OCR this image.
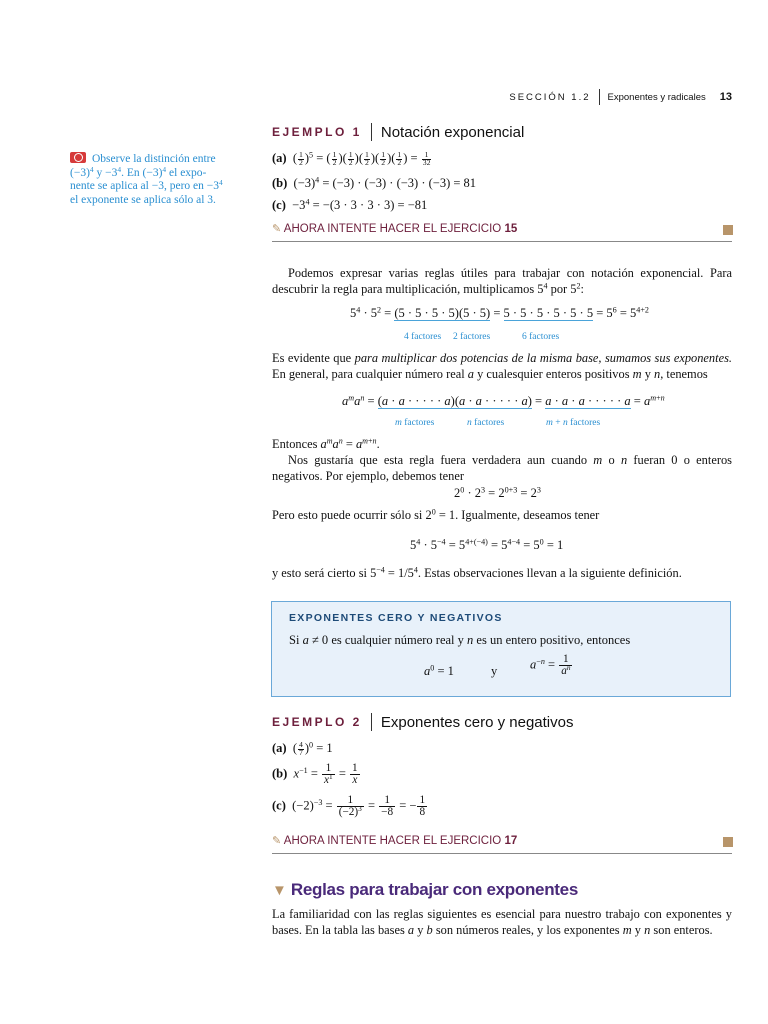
SECCIÓN 1.2 Exponentes y radicales 13
EJEMPLO 1 Notación exponencial
Observe la distinción entre
$(-3)^4$ $y -3^4$. En $(-3)^4$ el expo-
nente se aplica al −3, pero en $-3^4$
el exponente se aplica sólo al 3.
(a)  ( $\frac{1}{2} )^5$ = ( $\frac{1}{2}$ )( $\frac{1}{2}$ )( $\frac{1}{2}$ )( $\frac{1}{2}$ )( $\frac{1}{2}$ ) = $\frac{1}{32}$
(b)  $(-3)^4 = (-3) \cdot (-3) \cdot (-3) \cdot (-3) = 81$
$(c) -3^4 = -(3 \cdot 3 \cdot 3 \cdot 3) = -81$
✎ AHORA INTENTE HACER EL EJERCICIO 15
Podemos expresar varias reglas útiles para trabajar con notación exponencial. Para descubrir la regla para multiplicación, multiplicamos $5^4$ por $5^2$:
$5^4 \cdot 5^2 = (5 \cdot 5 \cdot 5 \cdot 5)(5 \cdot 5) = 5 \cdot 5 \cdot 5 \cdot 5 \cdot 5 \cdot 5 = 5^6 = 5^{4+2}$
4 factores 2 factores	6 factores
Es evidente que para multiplicar dos potencias de la misma base, sumamos sus exponentes. En general, para cualquier número real a y cualesquier enteros positivos m y n, tenemos
$a^ma^n = (a \cdot a$ · · · · · a)(a · a · · · · · a) = a · a · a · · · · · $a = a^{m+n}$
m factores	n factores	m + n factores
Entonces $a^ma^n = a^{m+n}$.
Nos gustaría que esta regla fuera verdadera aun cuando m o n fueran 0 o enteros negativos. Por ejemplo, debemos tener
$2^0 \cdot 2^3 = 2^{0+3} = 2^3$
Pero esto puede ocurrir sólo si $2^0 = 1$. Igualmente, deseamos tener
$5^4 \cdot 5^{-4} = 5^{4+(-4)} = 5^{4-4} = 5^0 = 1$
y esto será cierto si $5^{-4} = 1/5^4$. Estas observaciones llevan a la siguiente definición.
EXPONENTES CERO Y NEGATIVOS
Si a ≠ 0 es cualquier número real y n es un entero positivo, entonces
$a^0 = 1$	y	$a^{-n} = \frac{1}{a^n}$
EJEMPLO 2 Exponentes cero y negativos
(a)  ( $\frac{4}{7} )^0 = 1$
(b) $x^{-1} = \frac{1}{x^1} = \frac{1}{x}$
(c)  $(-2)^{-3} = \frac{1}{(-2)^3} = \frac{1}{-8}$ = − $\frac{1}{8}$
✎ AHORA INTENTE HACER EL EJERCICIO 17
▼ Reglas para trabajar con exponentes
La familiaridad con las reglas siguientes es esencial para nuestro trabajo con exponentes y bases. En la tabla las bases a y b son números reales, y los exponentes m y n son enteros.
